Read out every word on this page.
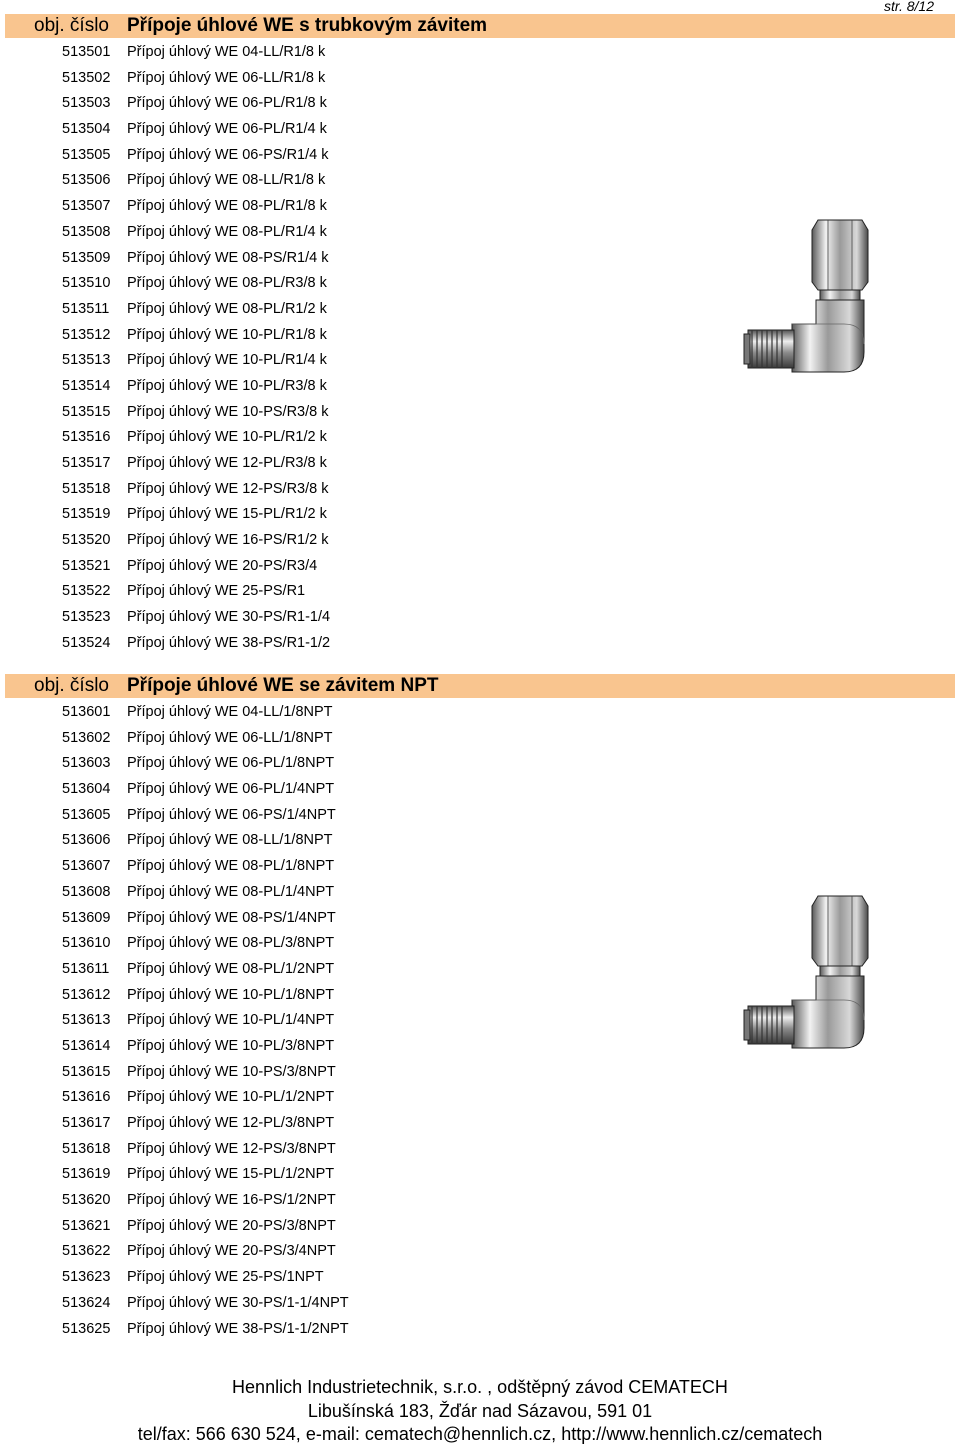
str. 8/12
obj. číslo Přípoje úhlové WE s trubkovým závitem
513501 Přípoj úhlový WE 04-LL/R1/8 k
513502 Přípoj úhlový WE 06-LL/R1/8 k
513503 Přípoj úhlový WE 06-PL/R1/8 k
513504 Přípoj úhlový WE 06-PL/R1/4 k
513505 Přípoj úhlový WE 06-PS/R1/4 k
513506 Přípoj úhlový WE 08-LL/R1/8 k
513507 Přípoj úhlový WE 08-PL/R1/8 k
513508 Přípoj úhlový WE 08-PL/R1/4 k
513509 Přípoj úhlový WE 08-PS/R1/4 k
513510 Přípoj úhlový WE 08-PL/R3/8 k
513511 Přípoj úhlový WE 08-PL/R1/2 k
513512 Přípoj úhlový WE 10-PL/R1/8 k
513513 Přípoj úhlový WE 10-PL/R1/4 k
513514 Přípoj úhlový WE 10-PL/R3/8 k
513515 Přípoj úhlový WE 10-PS/R3/8 k
513516 Přípoj úhlový WE 10-PL/R1/2 k
513517 Přípoj úhlový WE 12-PL/R3/8 k
513518 Přípoj úhlový WE 12-PS/R3/8 k
513519 Přípoj úhlový WE 15-PL/R1/2 k
513520 Přípoj úhlový WE 16-PS/R1/2 k
513521 Přípoj úhlový WE 20-PS/R3/4
513522 Přípoj úhlový WE 25-PS/R1
513523 Přípoj úhlový WE 30-PS/R1-1/4
513524 Přípoj úhlový WE 38-PS/R1-1/2
obj. číslo Přípoje úhlové WE se závitem NPT
513601 Přípoj úhlový WE 04-LL/1/8NPT
513602 Přípoj úhlový WE 06-LL/1/8NPT
513603 Přípoj úhlový WE 06-PL/1/8NPT
513604 Přípoj úhlový WE 06-PL/1/4NPT
513605 Přípoj úhlový WE 06-PS/1/4NPT
513606 Přípoj úhlový WE 08-LL/1/8NPT
513607 Přípoj úhlový WE 08-PL/1/8NPT
513608 Přípoj úhlový WE 08-PL/1/4NPT
513609 Přípoj úhlový WE 08-PS/1/4NPT
513610 Přípoj úhlový WE 08-PL/3/8NPT
513611 Přípoj úhlový WE 08-PL/1/2NPT
513612 Přípoj úhlový WE 10-PL/1/8NPT
513613 Přípoj úhlový WE 10-PL/1/4NPT
513614 Přípoj úhlový WE 10-PL/3/8NPT
513615 Přípoj úhlový WE 10-PS/3/8NPT
513616 Přípoj úhlový WE 10-PL/1/2NPT
513617 Přípoj úhlový WE 12-PL/3/8NPT
513618 Přípoj úhlový WE 12-PS/3/8NPT
513619 Přípoj úhlový WE 15-PL/1/2NPT
513620 Přípoj úhlový WE 16-PS/1/2NPT
513621 Přípoj úhlový WE 20-PS/3/8NPT
513622 Přípoj úhlový WE 20-PS/3/4NPT
513623 Přípoj úhlový WE 25-PS/1NPT
513624 Přípoj úhlový WE 30-PS/1-1/4NPT
513625 Přípoj úhlový WE 38-PS/1-1/2NPT
Hennlich Industrietechnik, s.r.o. , odštěpný závod CEMATECH
Libušínská 183, Žďár nad Sázavou, 591 01
tel/fax: 566 630 524, e-mail: cematech@hennlich.cz, http://www.hennlich.cz/cematech
